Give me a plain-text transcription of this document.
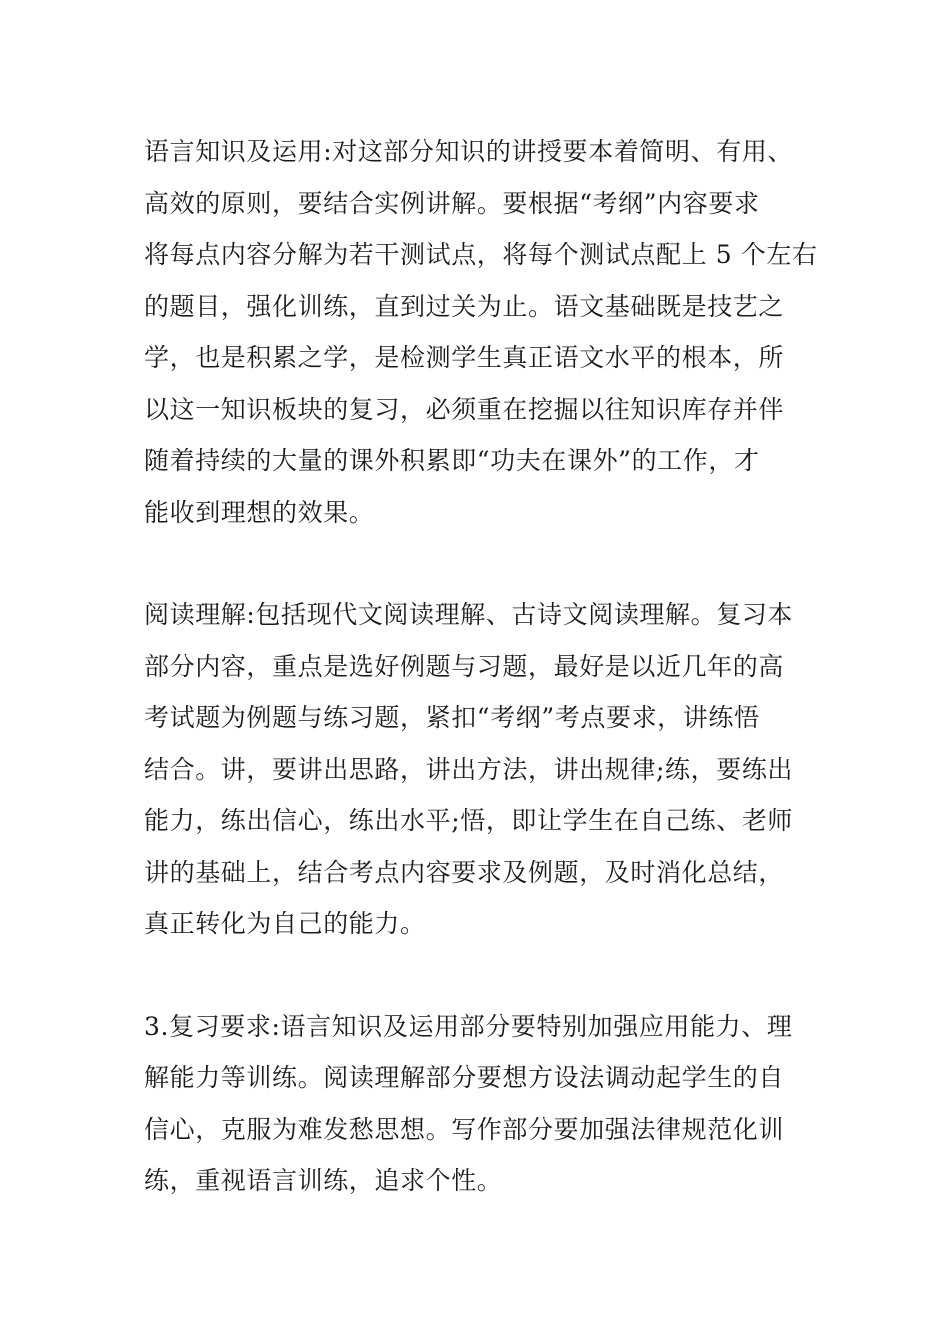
语言知识及运用:对这部分知识的讲授要本着简明、有用、
高效的原则，要结合实例讲解。要根据“考纲”内容要求
将每点内容分解为若干测试点，将每个测试点配上 5 个左右
的题目，强化训练，直到过关为止。语文基础既是技艺之
学，也是积累之学，是检测学生真正语文水平的根本，所
以这一知识板块的复习，必须重在挖掘以往知识库存并伴
随着持续的大量的课外积累即“功夫在课外”的工作，才
能收到理想的效果。
阅读理解:包括现代文阅读理解、古诗文阅读理解。复习本
部分内容，重点是选好例题与习题，最好是以近几年的高
考试题为例题与练习题，紧扣“考纲”考点要求，讲练悟
结合。讲，要讲出思路，讲出方法，讲出规律;练，要练出
能力，练出信心，练出水平;悟，即让学生在自己练、老师
讲的基础上，结合考点内容要求及例题，及时消化总结，
真正转化为自己的能力。
3.复习要求:语言知识及运用部分要特别加强应用能力、理
解能力等训练。阅读理解部分要想方设法调动起学生的自
信心，克服为难发愁思想。写作部分要加强法律规范化训
练，重视语言训练，追求个性。
